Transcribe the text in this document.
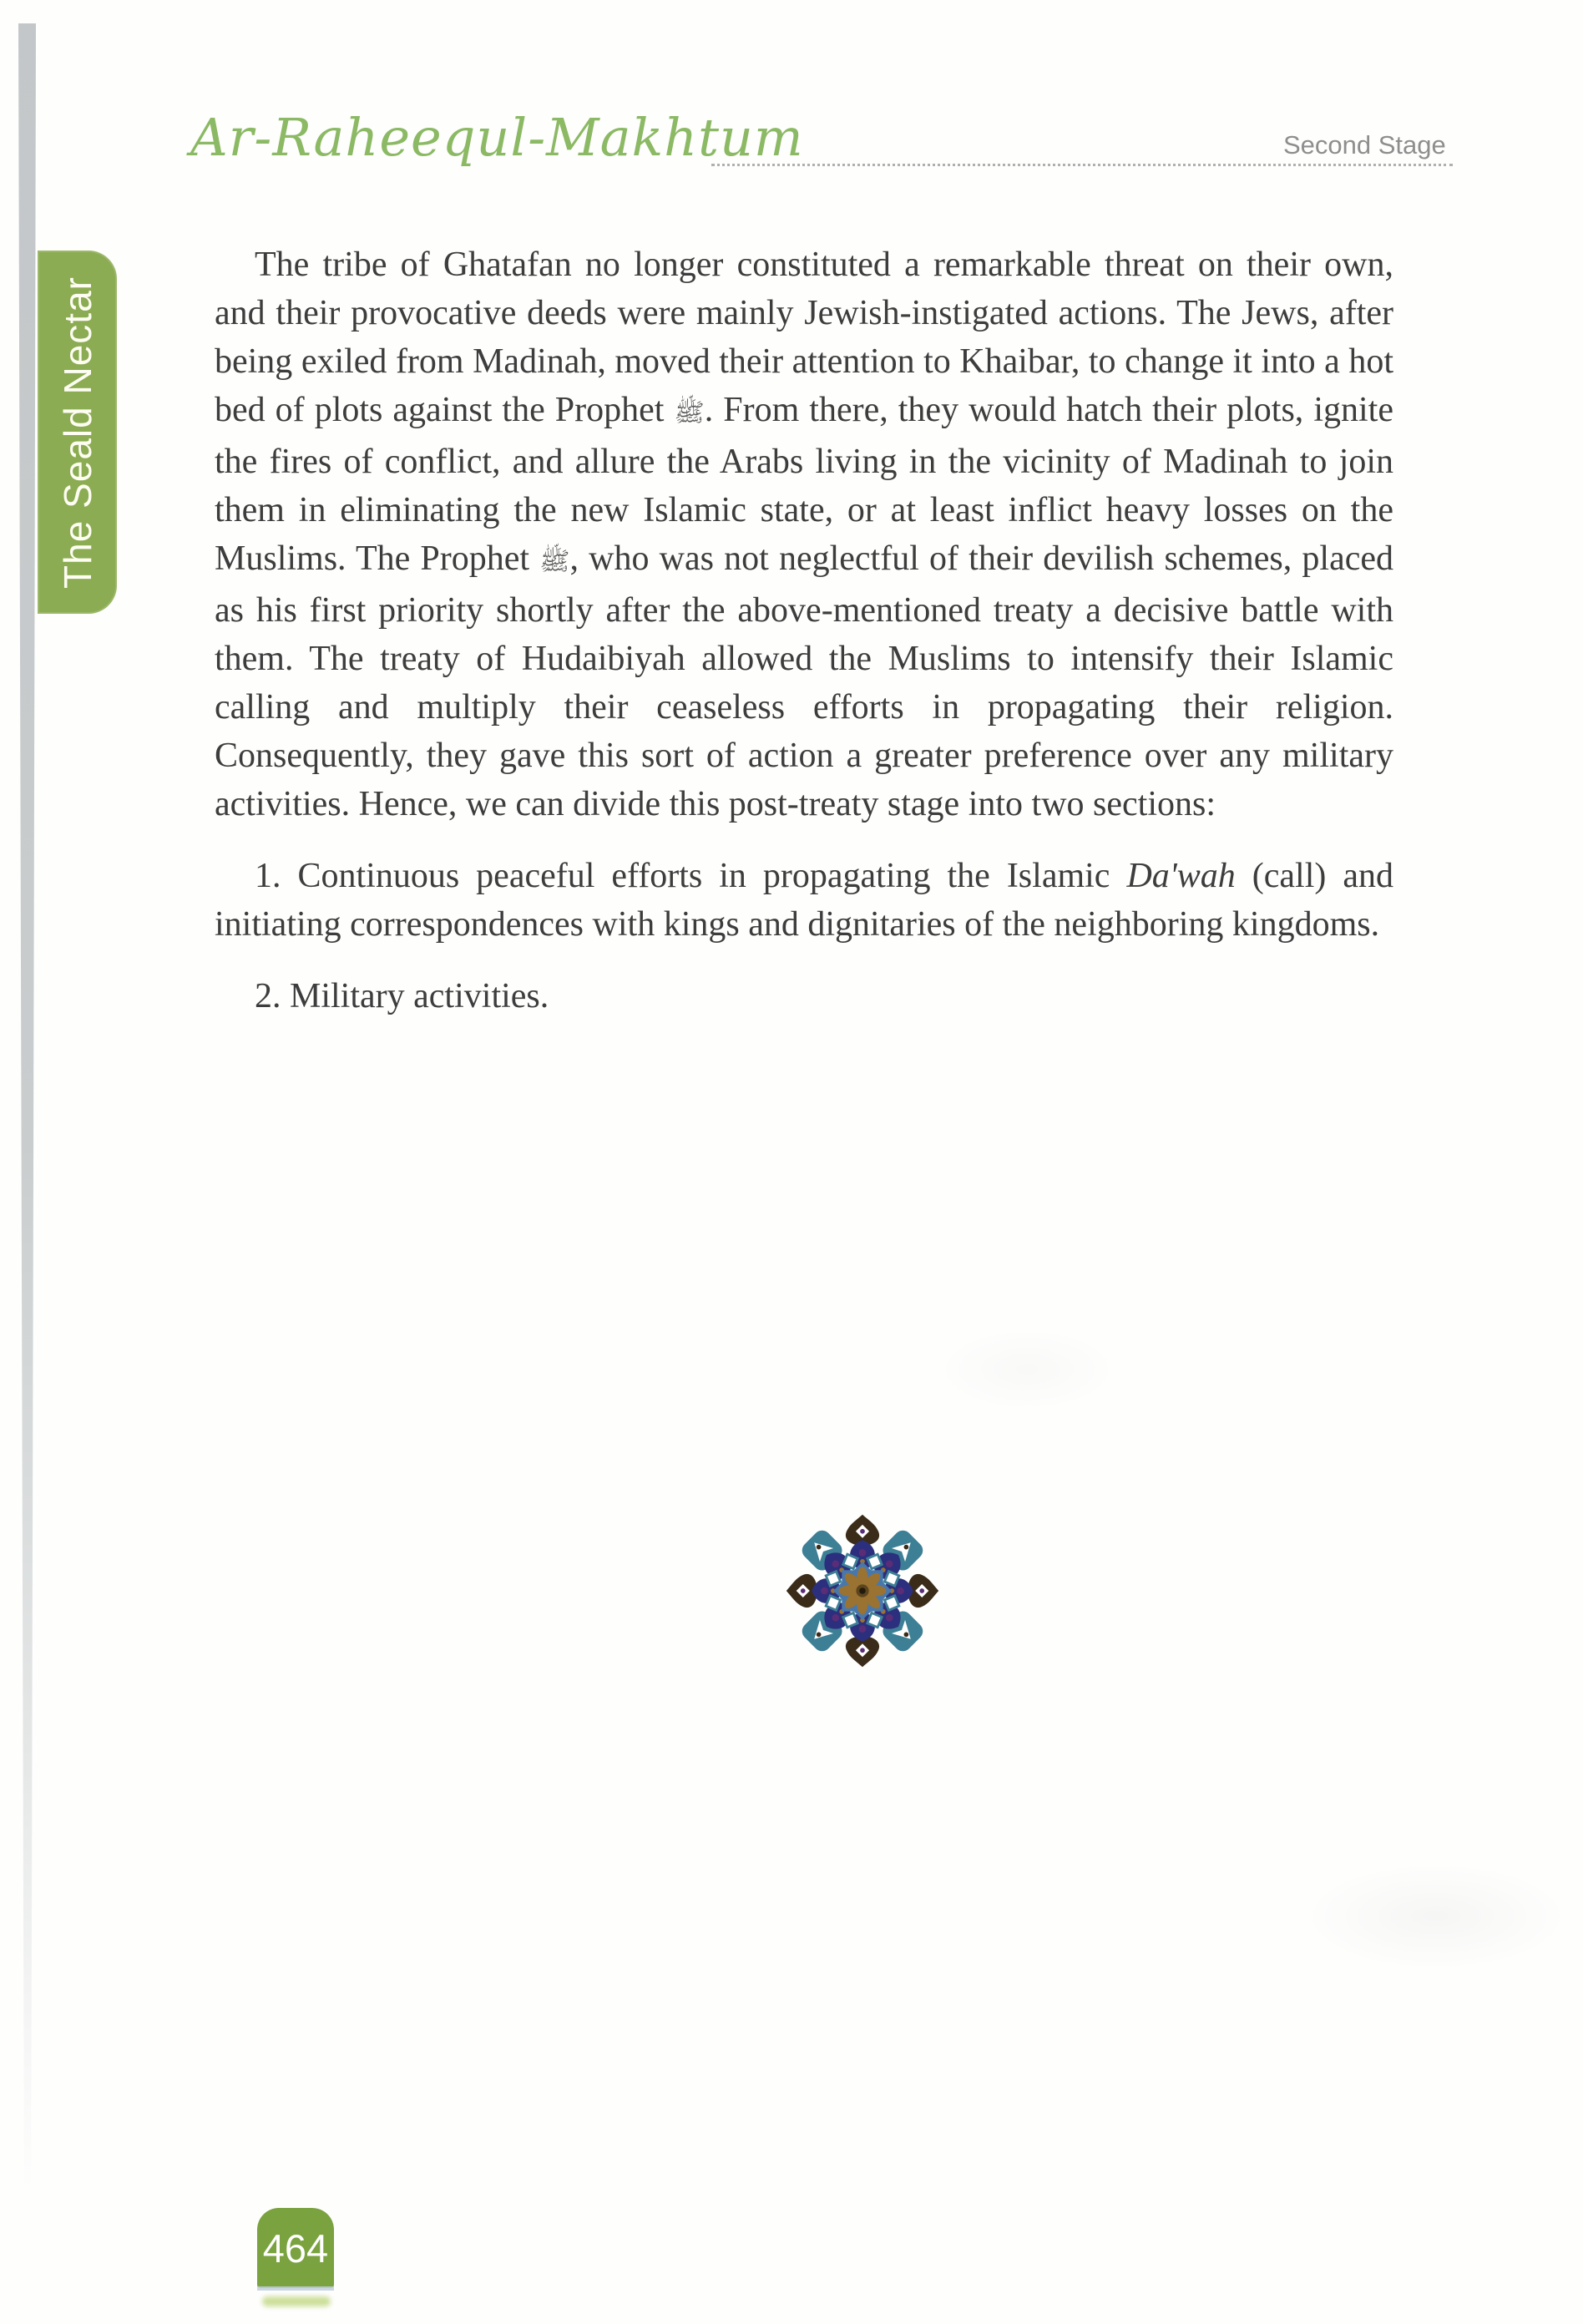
The Seald Nectar
Ar-Raheequl-Makhtum	Second Stage

The tribe of Ghatafan no longer constituted a remarkable threat on their own, and their provocative deeds were mainly Jewish-instigated actions. The Jews, after being exiled from Madinah, moved their attention to Khaibar, to change it into a hot bed of plots against the Prophet ﷺ. From there, they would hatch their plots, ignite the fires of conflict, and allure the Arabs living in the vicinity of Madinah to join them in eliminating the new Islamic state, or at least inflict heavy losses on the Muslims. The Prophet ﷺ, who was not neglectful of their devilish schemes, placed as his first priority shortly after the above-mentioned treaty a decisive battle with them. The treaty of Hudaibiyah allowed the Muslims to intensify their Islamic calling and multiply their ceaseless efforts in propagating their religion. Consequently, they gave this sort of action a greater preference over any military activities. Hence, we can divide this post-treaty stage into two sections:

1. Continuous peaceful efforts in propagating the Islamic Da'wah (call) and initiating correspondences with kings and dignitaries of the neighboring kingdoms.

2. Military activities.

464
